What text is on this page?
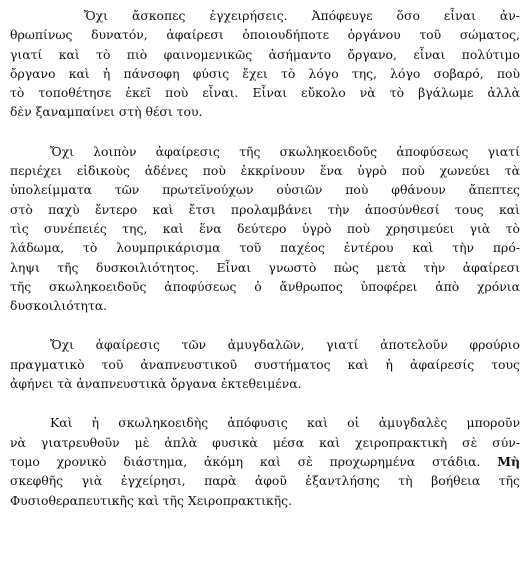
Ὄχι ἄσκοπες ἐγχειρήσεις. Ἀπόφευγε ὅσο εἶναι ἀν-
θρωπίνως δυνατόν, ἀφαίρεσι ὁποιουδήποτε ὀργάνου τοῦ σώματος,
γιατί καὶ τὸ πιὸ φαινομενικῶς ἀσήμαντο ὄργανο, εἶναι πολύτιμο
ὄργανο καὶ ἡ πάνσοφη φύσις ἔχει τὸ λόγο της, λόγο σοβαρό, ποὺ
τὸ τοποθέτησε ἐκεῖ ποὺ εἶναι. Εἶναι εὔκολο νὰ τὸ βγάλωμε ἀλλὰ
δὲν ξαναμπαίνει στὴ θέσι του.
Ὄχι λοιπὸν ἀφαίρεσις τῆς σκωληκοειδοῦς ἀποφύσεως γιατί
περιέχει εἰδικοὺς ἀδένες ποὺ ἐκκρίνουν ἕνα ὑγρὸ ποὺ χωνεύει τὰ
ὑπολείμματα τῶν πρωτεϊνούχων οὐσιῶν ποὺ φθάνουν ἄπεπτες
στὸ παχὺ ἔντερο καὶ ἔτσι προλαμβάνει τὴν ἀποσύνθεσί τους καὶ
τὶς συνέπειές της, καὶ ἕνα δεύτερο ὑγρὸ ποὺ χρησιμεύει γιὰ τὸ
λάδωμα, τὸ λουμπρικάρισμα τοῦ παχέος ἐντέρου καὶ τὴν πρό-
ληψι τῆς δυσκοιλιότητος. Εἶναι γνωστὸ πὼς μετὰ τὴν ἀφαίρεσι
τῆς σκωληκοειδοῦς ἀποφύσεως ὁ ἄνθρωπος ὑποφέρει ἀπὸ χρόνια
δυσκοιλιότητα.
Ὄχι ἀφαίρεσις τῶν ἀμυγδαλῶν, γιατί ἀποτελοῦν φρούριο
πραγματικὸ τοῦ ἀναπνευστικοῦ συστήματος καὶ ἡ ἀφαίρεσίς τους
ἀφήνει τὰ ἀναπνευστικὰ ὄργανα ἐκτεθειμένα.
Καὶ ἡ σκωληκοειδὴς ἀπόφυσις καὶ οἱ ἀμυγδαλὲς μποροῦν
νὰ γιατρευθοῦν μὲ ἁπλὰ φυσικὰ μέσα καὶ χειροπρακτικὴ σὲ σύν-
τομο χρονικὸ διάστημα, ἀκόμη καὶ σὲ προχωρημένα στάδια. Μὴ
σκεφθῆς γιὰ ἐγχείρησι, παρὰ ἀφοῦ ἐξαντλήσης τὴ βοήθεια τῆς
Φυσιοθεραπευτικῆς καὶ τῆς Χειροπρακτικῆς.
